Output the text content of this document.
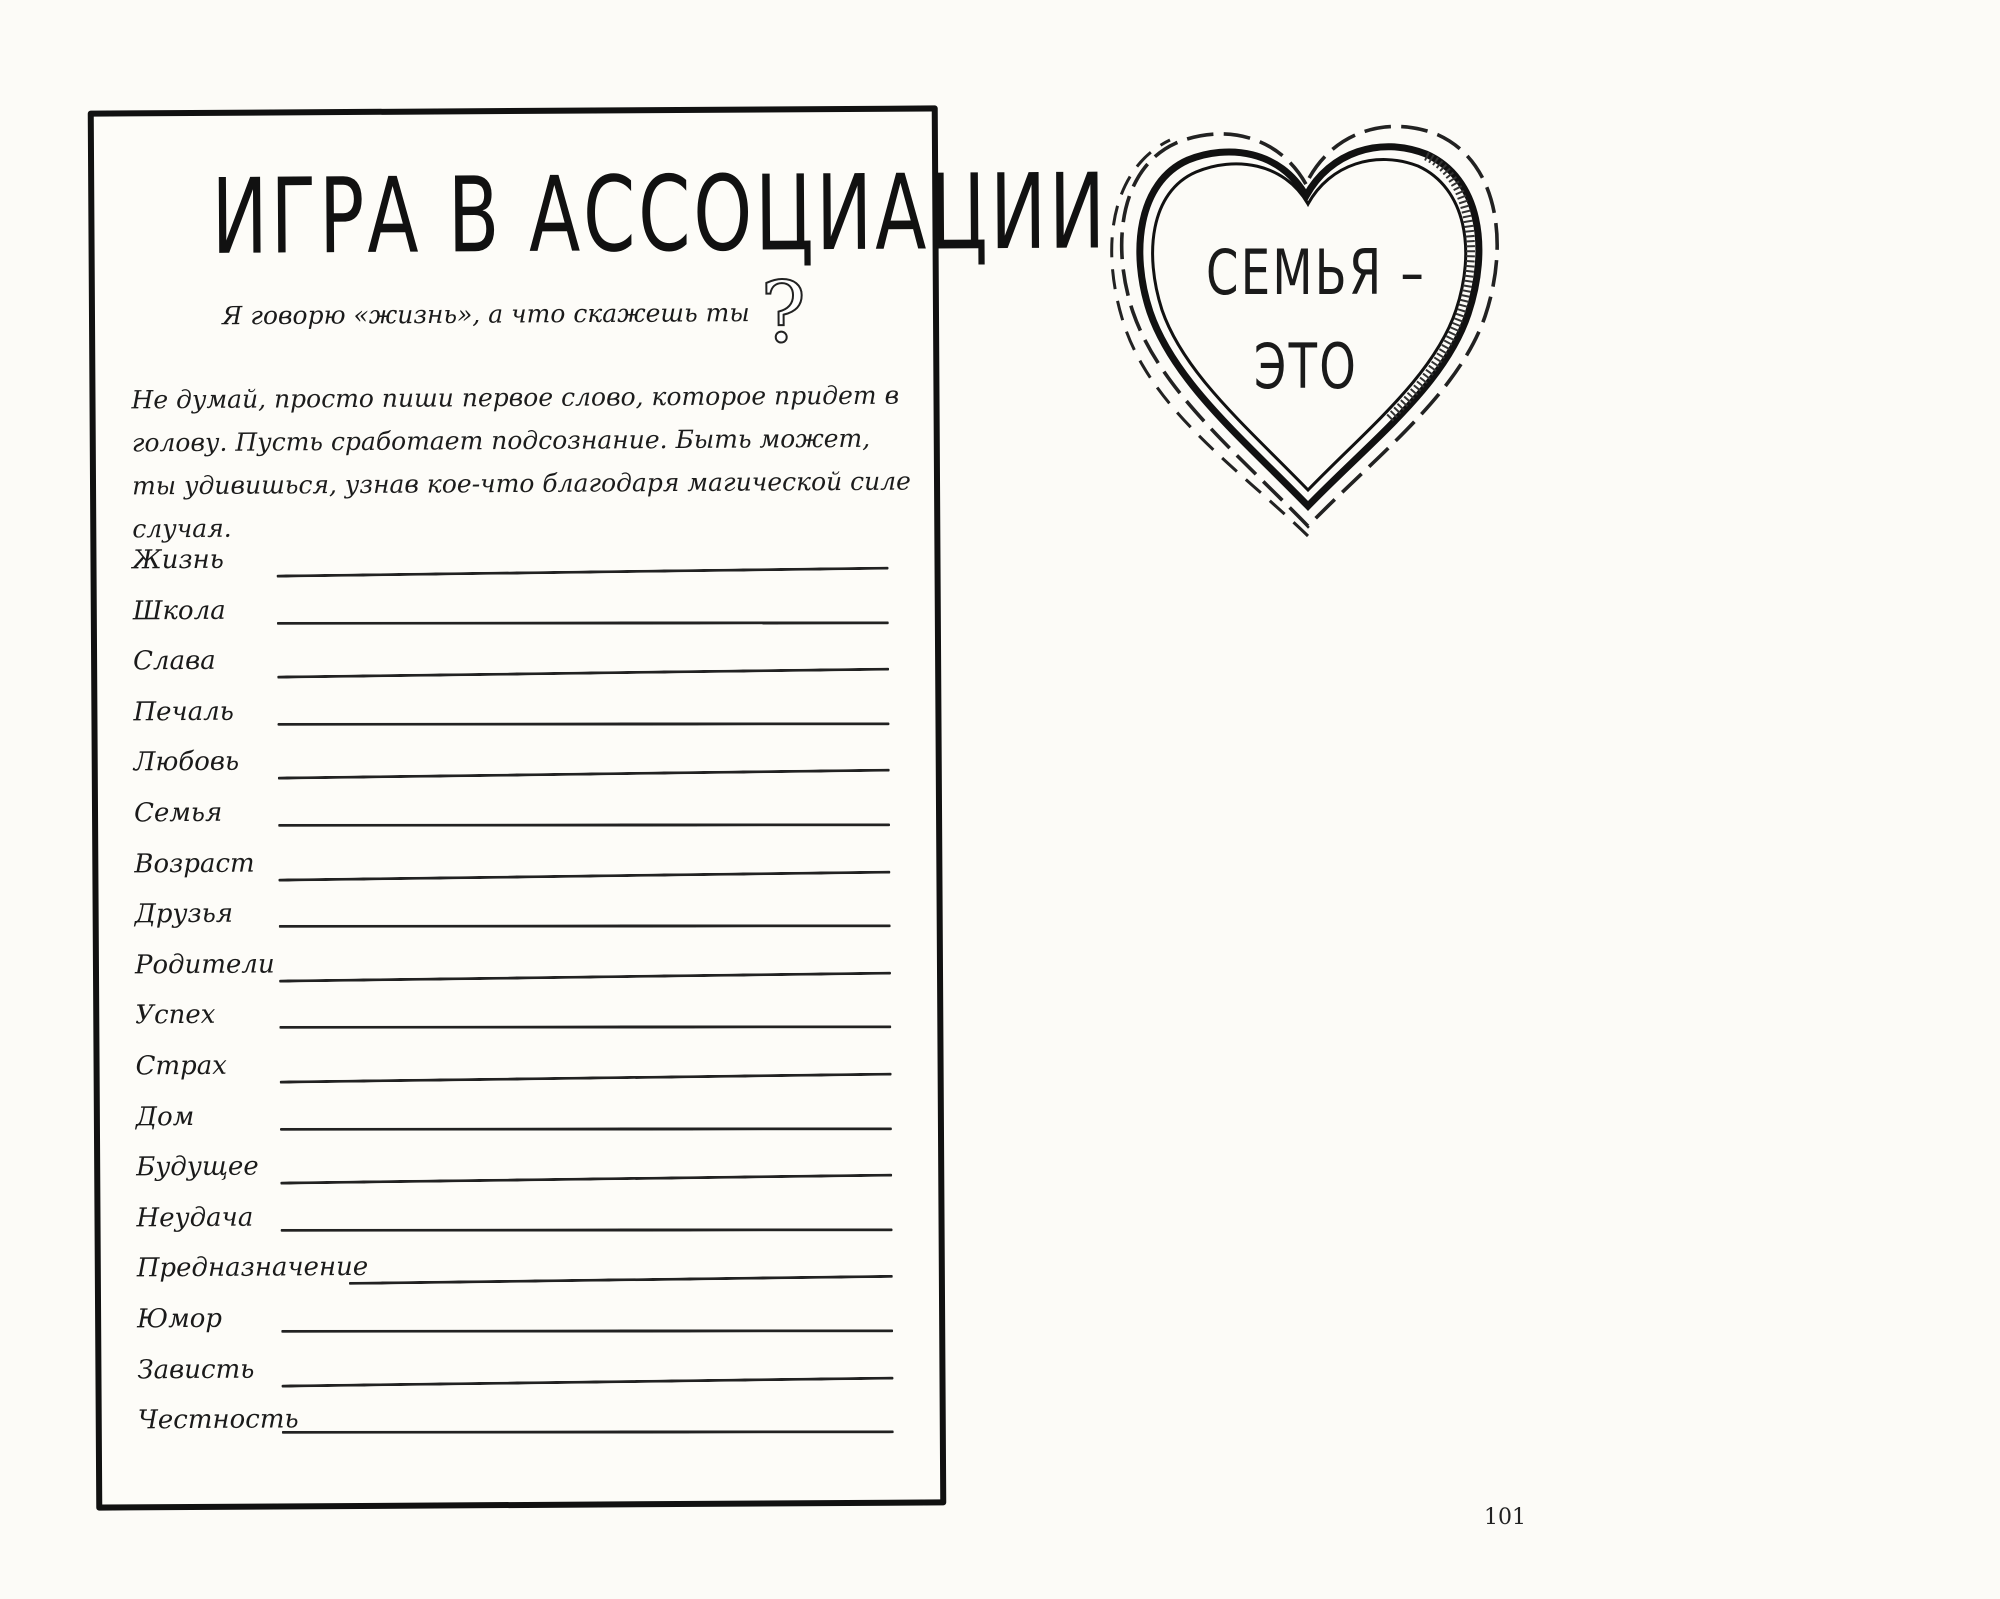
ИГРА В АССОЦИАЦИИ
Я говорю «жизнь», а что скажешь ты ?
Не думай, просто пиши первое слово, которое придет в голову. Пусть сработает подсознание. Быть может, ты удивишься, узнав кое-что благодаря магической силе случая.
Жизнь
Школа
Слава
Печаль
Любовь
Семья
Возраст
Друзья
Родители
Успех
Страх
Дом
Будущее
Неудача
Предназначение
Юмор
Зависть
Честность
СЕМЬЯ –
ЭТО
101
